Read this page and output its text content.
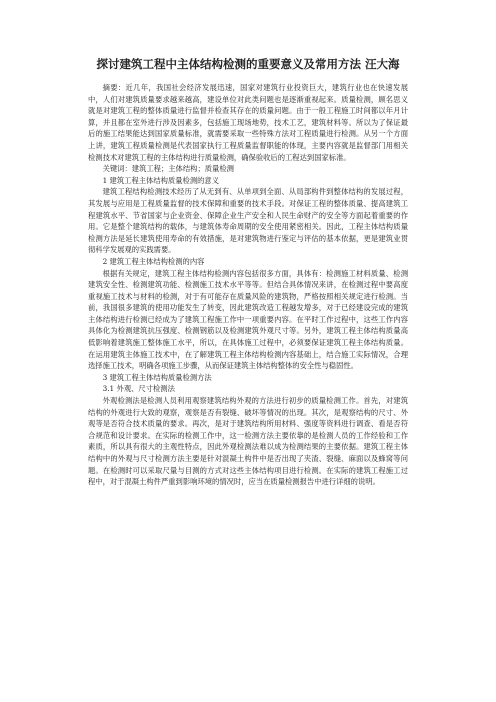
探讨建筑工程中主体结构检测的重要意义及常用方法 汪大海

摘要：近几年，我国社会经济发展迅速，国家对建筑行业投资巨大，建筑行业也在快速发展中，人们对建筑质量要求越来越高，建设单位对此类问题也是逐渐重视起来。质量检测，顾名思义就是对建筑工程的整体质量进行监督并检查其存在的质量问题。由于一般工程施工时间都以年月计算，并且都在室外进行涉及因素多，包括施工现场地势，技术工艺，建筑材料等。所以为了保证最后的施工结果能达到国家质量标准，就需要采取一些特殊方法对工程质量进行检测。从另一个方面上讲，建筑工程质量检测是代表国家执行工程质量监督职能的体现，主要内容就是监督部门用相关检测技术对建筑工程的主体结构进行质量检测，确保验收后的工程达到国家标准。

关键词：建筑工程；主体结构；质量检测

1 建筑工程主体结构质量检测的意义

建筑工程结构检测技术经历了从无到有、从单项到全面、从局部构件到整体结构的发展过程，其发展与应用是工程质量监督的技术保障和重要的技术手段。对保证工程的整体质量、提高建筑工程建筑水平、节省国家与企业资金、保障企业生产安全和人民生命财产的安全等方面起着重要的作用。它是整个建筑结构的载体，与建筑体寿命周期的安全使用紧密相关。因此，工程主体结构质量检测方法是延长建筑使用寿命的有效措施，是对建筑物进行鉴定与评估的基本依据，更是建筑业贯彻科学发展观的实践需要。

2 建筑工程主体结构检测的内容

根据有关规定，建筑工程主体结构检测内容包括很多方面，具体有：检测施工材料质量、检测建筑安全性、检测建筑功能、检测施工技术水平等等。但结合具体情况来讲，在检测过程中要高度重视施工技术与材料的检测，对于有可能存在质量风险的建筑物，严格按照相关规定进行检测。当前，我国很多建筑的使用功能发生了转变，因此建筑改造工程越发增多，对于已经建设完成的建筑主体结构进行检测已经成为了建筑工程施工作中一项重要内容。在平时工作过程中，这些工作内容具体化为检测建筑抗压强度、检测钢筋以及检测建筑外观尺寸等。另外，建筑工程主体结构质量高低影响着建筑施工整体施工水平，所以，在具体施工过程中，必须要保证建筑工程主体结构质量。在运用建筑主体施工技术中，在了解建筑工程主体结构检测内容基础上，结合施工实际情况，合理选择施工技术，明确各项施工步骤，从而保证建筑主体结构整体的安全性与稳固性。

3 建筑工程主体结构质量检测方法

3.1 外观、尺寸检测法

外观检测法是检测人员利用观察建筑结构外观的方法进行初步的质量检测工作。首先，对建筑结构的外观进行大致的观察，观察是否有裂缝、破坏等情况的出现。其次，是观察结构的尺寸、外观等是否符合技术质量的要求。再次，是对于建筑结构所用材料、强度等资料进行调查、看是否符合规范和设计要求。在实际的检测工作中，这一检测方法主要依靠的是检测人员的工作经验和工作素质，所以具有很大的主观性特点，因此外观检测法难以成为检测结果的主要依据。建筑工程主体结构中的外观与尺寸检测方法主要是针对混凝土构件中是否出现了夹渣、裂缝、麻面以及蜂窝等问题。在检测时可以采取尺量与目测的方式对这些主体结构项目进行检测。在实际的建筑工程施工过程中，对于混凝土构件严重到影响环境的情况时，应当在质量检测报告中进行详细的说明。
